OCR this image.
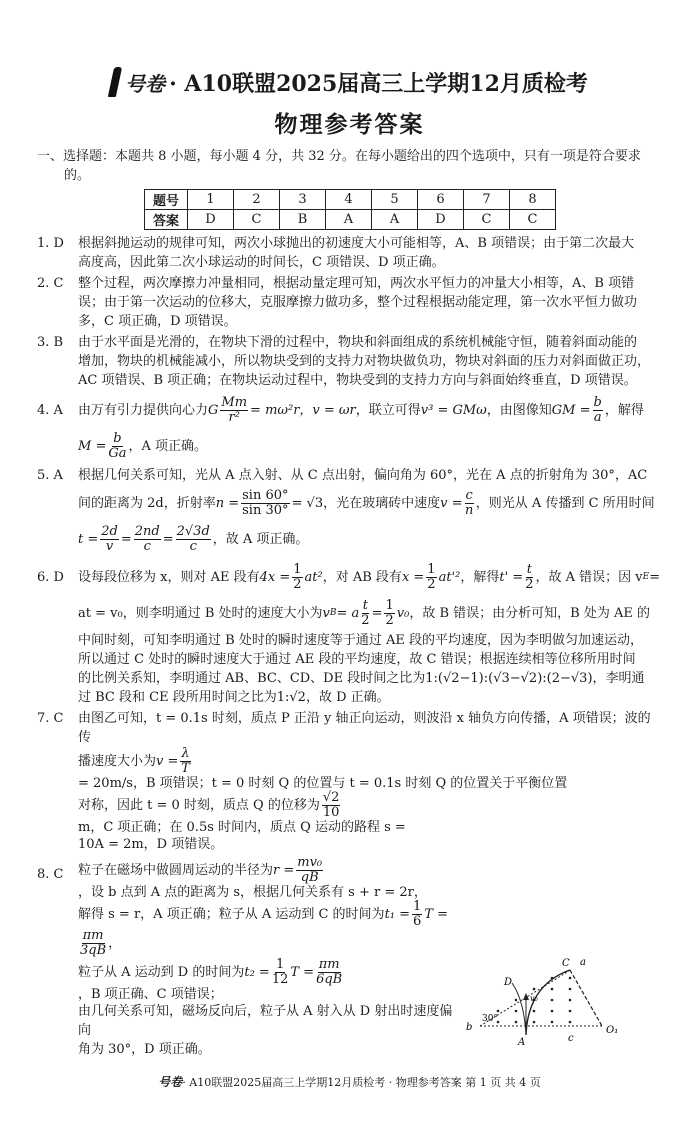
号卷 · A10联盟2025届高三上学期12月质检考
物理参考答案
一、选择题：本题共 8 小题，每小题 4 分，共 32 分。在每小题给出的四个选项中，只有一项是符合要求
的。
题号	1	2	3	4	5	6	7	8
答案	D	C	B	A	A	D	C	C
1. D	根据斜抛运动的规律可知，两次小球抛出的初速度大小可能相等，A、B 项错误；由于第二次最大
高度高，因此第二次小球运动的时间长，C 项错误、D 项正确。
2. C	整个过程，两次摩擦力冲量相同，根据动量定理可知，两次水平恒力的冲量大小相等，A、B 项错
误；由于第一次运动的位移大，克服摩擦力做功多，整个过程根据动能定理，第一次水平恒力做功
多，C 项正确，D 项错误。
3. B	由于水平面是光滑的，在物块下滑的过程中，物块和斜面组成的系统机械能守恒，随着斜面动能的
增加，物块的机械能减小，所以物块受到的支持力对物块做负功，物块对斜面的压力对斜面做正功，
AC 项错误、B 项正确；在物块运动过程中，物块受到的支持力方向与斜面始终垂直，D 项错误。
4. A	由万有引力提供向心力 G $\frac{Mm}{\text{r²}} = m\omega^2r$，v = ωr ，联立可得 v³ = GMω ，由图像知 GM = $\frac{b}{a}$ ，解得
$M = \frac{b}{Ga}$ ，A 项正确。
5. A	根据几何关系可知，光从 A 点入射、从 C 点出射，偏向角为 60°，光在 A 点的折射角为 30°，AC
间的距离为 2d，折射率 $n = \frac{\sin 60^\circ}{\sin 30^\circ} = √3$ ，光在玻璃砖中速度 $v = \frac{c}{n}$ ，则光从 A 传播到 C 所用时间
$t = \frac{2d}{v} = \frac{2nd}{c} = \frac{2√3d}{c}$ ，故 A 项正确。
6. D	设每段位移为 x，则对 AE 段有 $4x = \frac{1}{2} at^2$ ，对 AB 段有 $x = \frac{1}{2} at'^2$ ，解得 $t' = \frac{t}{2}$ ，故 A 错误；因 v E =
at = v₀，则李明通过 B 处时的速度大小为 v B = a $\frac{t}{2} = \frac{1}{2} v_0$ ，故 B 错误；由分析可知，B 处为 AE 的
中间时刻，可知李明通过 B 处时的瞬时速度等于通过 AE 段的平均速度，因为李明做匀加速运动，
所以通过 C 处时的瞬时速度大于通过 AE 段的平均速度，故 C 错误；根据连续相等位移所用时间
的比例关系知，李明通过 AB、BC、CD、DE 段时间之比为1:(√2−1):(√3−√2):(2−√3)，李明通
过 BC 段和 CE 段所用时间之比为1:√2，故 D 正确。
7. C	由图乙可知，t = 0.1s 时刻，质点 P 正沿 y 轴正向运动，则波沿 x 轴负方向传播，A 项错误；波的传
播速度大小为 $v = \frac{\lambda}{T}$
= 20m/s，B 项错误；t = 0 时刻 Q 的位置与 t = 0.1s 时刻 Q 的位置关于平衡位置
对称，因此 t = 0 时刻，质点 Q 的位移为 $\frac{√2}{10}$
m，C 项正确；在 0.5s 时间内，质点 Q 运动的路程 s =
10A = 2m，D 项错误。
8. C	粒子在磁场中做圆周运动的半径为 $r = \frac{\text{mv₀}}{qB}$
，设 b 点到 A 点的距离为 s，根据几何关系有 s + r = 2r，
解得 s = r，A 项正确；粒子从 A 运动到 C 的时间为 $t_1 = \frac{1}{6}$ T =
$\frac{\pi m}{3qB}$ ，
粒子从 A 运动到 D 的时间为 $t_2 = \frac{1}{12}$ $T = \frac{\pi m}{6qB}$
，B 项正确、C 项错误；
由几何关系可知，磁场反向后，粒子从 A 射入从 D 射出时速度偏向
角为 30°，D 项正确。
C a
D
v₀
b
30°
A	c
O₁
号卷· A10联盟2025届高三上学期12月质检考 · 物理参考答案 第 1 页 共 4 页
